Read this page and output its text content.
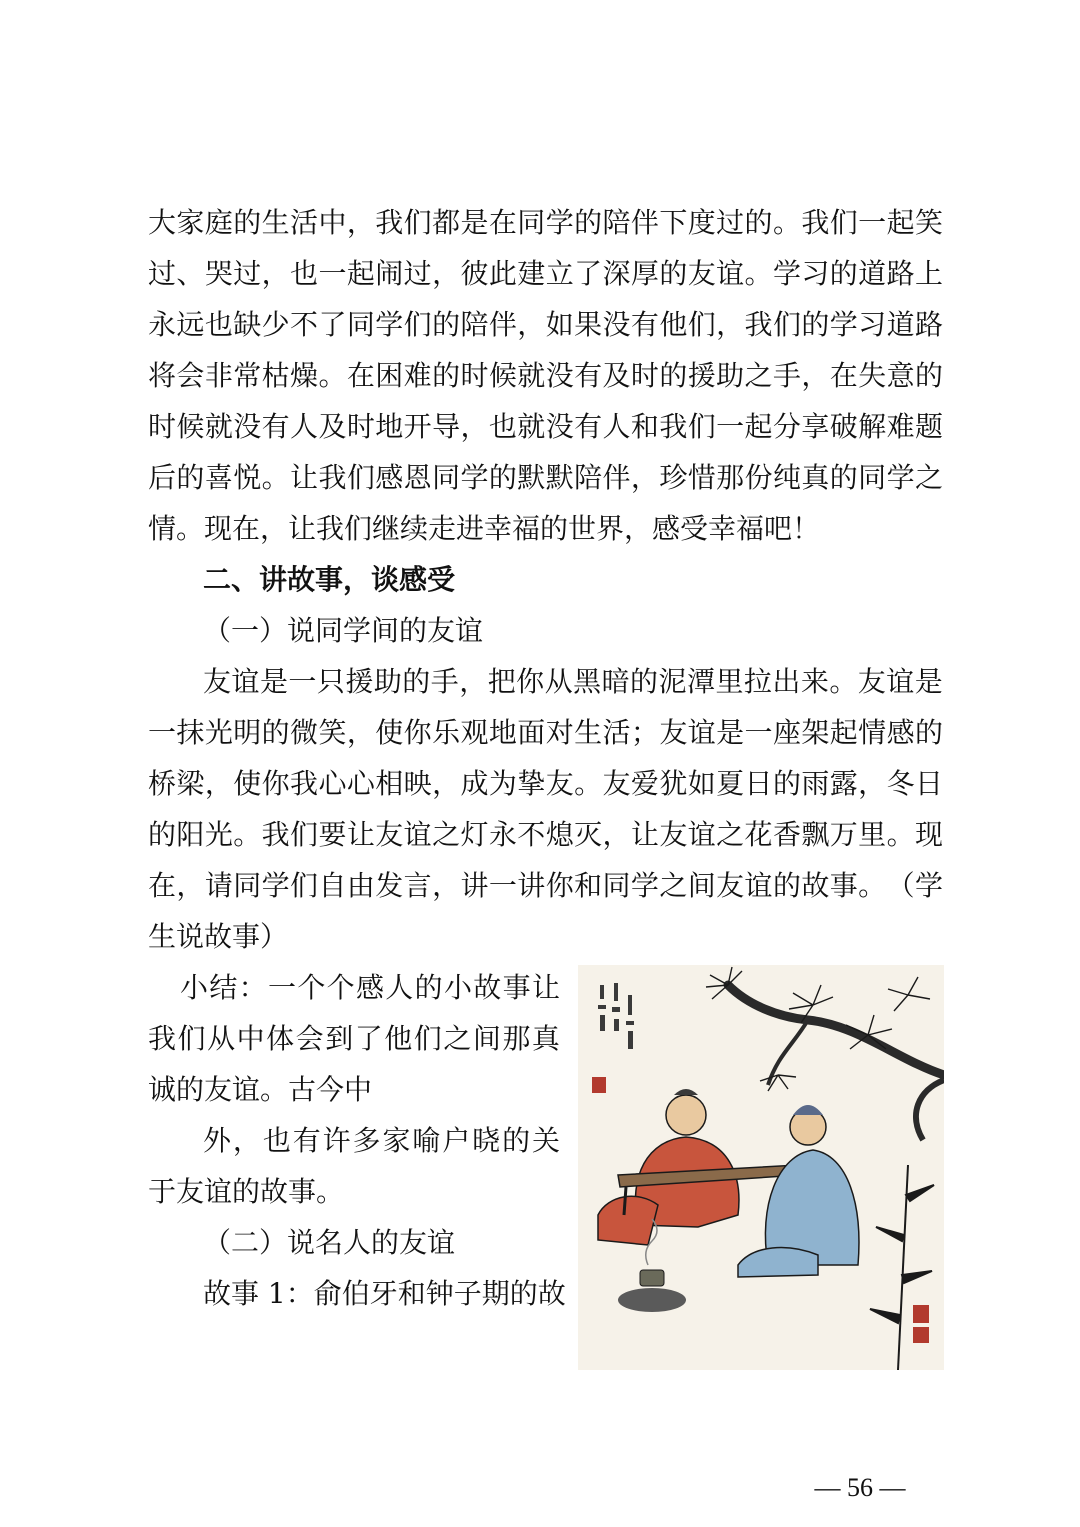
大 家 庭 的 生 活 中 ， 我 们 都 是 在 同 学 的 陪 伴 下 度 过 的 。 我 们 一 起 笑
过 、 哭 过 ， 也 一 起 闹 过 ， 彼 此 建 立 了 深 厚 的 友 谊 。 学 习 的 道 路 上
永 远 也 缺 少 不 了 同 学 们 的 陪 伴 ， 如 果 没 有 他 们 ， 我 们 的 学 习 道 路
将 会 非 常 枯 燥 。 在 困 难 的 时 候 就 没 有 及 时 的 援 助 之 手 ， 在 失 意 的
时 候 就 没 有 人 及 时 地 开 导 ， 也 就 没 有 人 和 我 们 一 起 分 享 破 解 难 题
后 的 喜 悦 。 让 我 们 感 恩 同 学 的 默 默 陪 伴 ， 珍 惜 那 份 纯 真 的 同 学 之
情。现在，让我们继续走进幸福的世界，感受幸福吧！
二、讲故事，谈感受
（一）说同学间的友谊
友 谊 是 一 只 援 助 的 手 ， 把 你 从 黑 暗 的 泥 潭 里 拉 出 来 。 友 谊 是
一 抹 光 明 的 微 笑 ， 使 你 乐 观 地 面 对 生 活 ； 友 谊 是 一 座 架 起 情 感 的
桥 梁 ， 使 你 我 心 心 相 映 ， 成 为 挚 友 。 友 爱 犹 如 夏 日 的 雨 露 ， 冬 日
的 阳 光 。 我 们 要 让 友 谊 之 灯 永 不 熄 灭 ， 让 友 谊 之 花 香 飘 万 里 。 现
在 ， 请 同 学 们 自 由 发 言 ， 讲 一 讲 你 和 同 学 之 间 友 谊 的 故 事 。 （ 学
生说故事）
小 结 ： 一 个 个 感 人 的 小 故 事 让
我 们 从 中 体 会 到 了 他 们 之 间 那 真
诚的友谊。古今中
外 ， 也 有 许 多 家 喻 户 晓 的 关
于友谊的故事。
（二）说名人的友谊
故事 1：俞伯牙和钟子期的故
— 56 —
